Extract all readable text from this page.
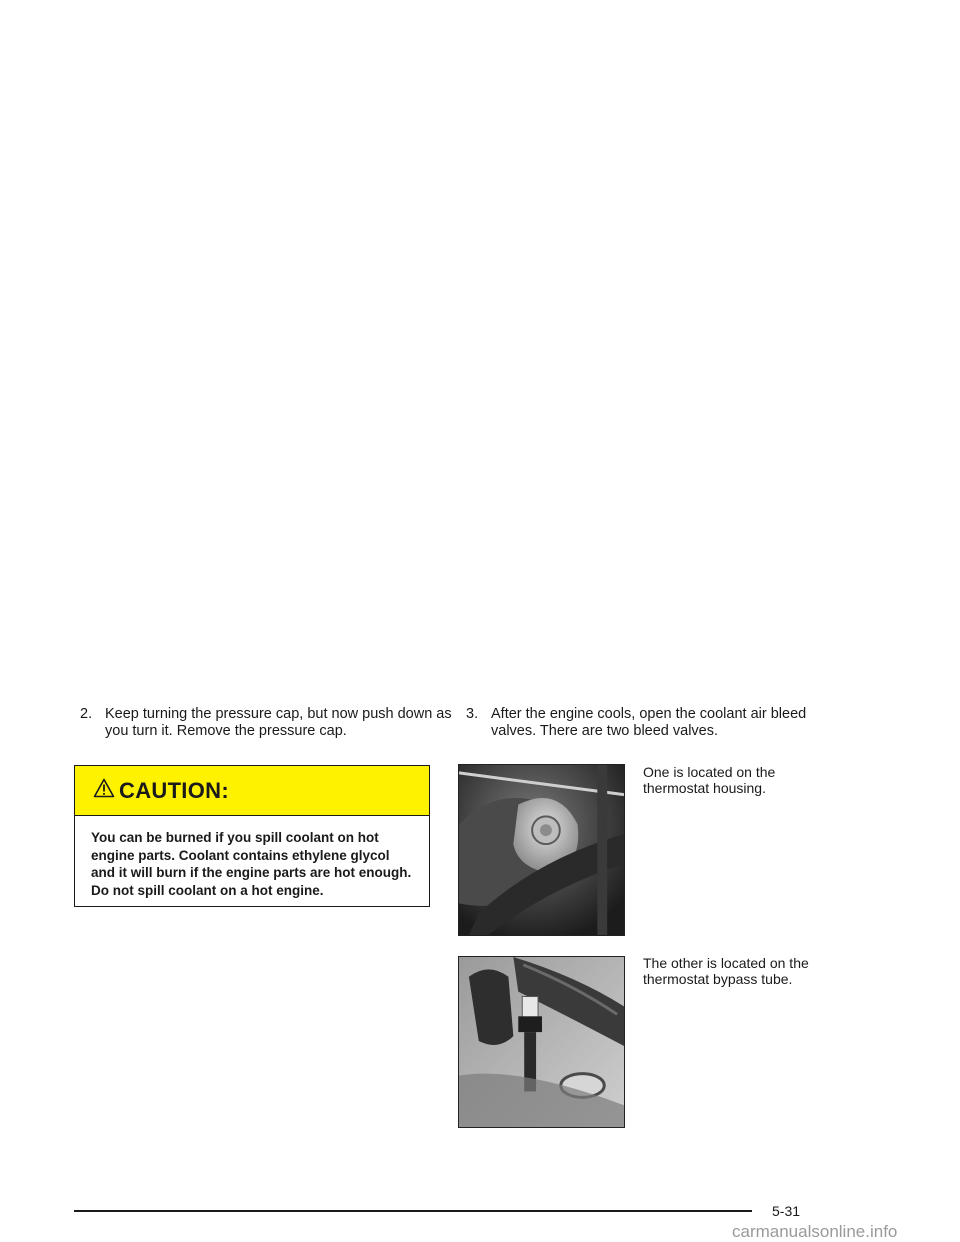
2. Keep turning the pressure cap, but now push down as you turn it. Remove the pressure cap.
CAUTION:
You can be burned if you spill coolant on hot engine parts. Coolant contains ethylene glycol and it will burn if the engine parts are hot enough. Do not spill coolant on a hot engine.
3. After the engine cools, open the coolant air bleed valves. There are two bleed valves.
One is located on the thermostat housing.
The other is located on the thermostat bypass tube.
5-31
carmanualsonline.info
